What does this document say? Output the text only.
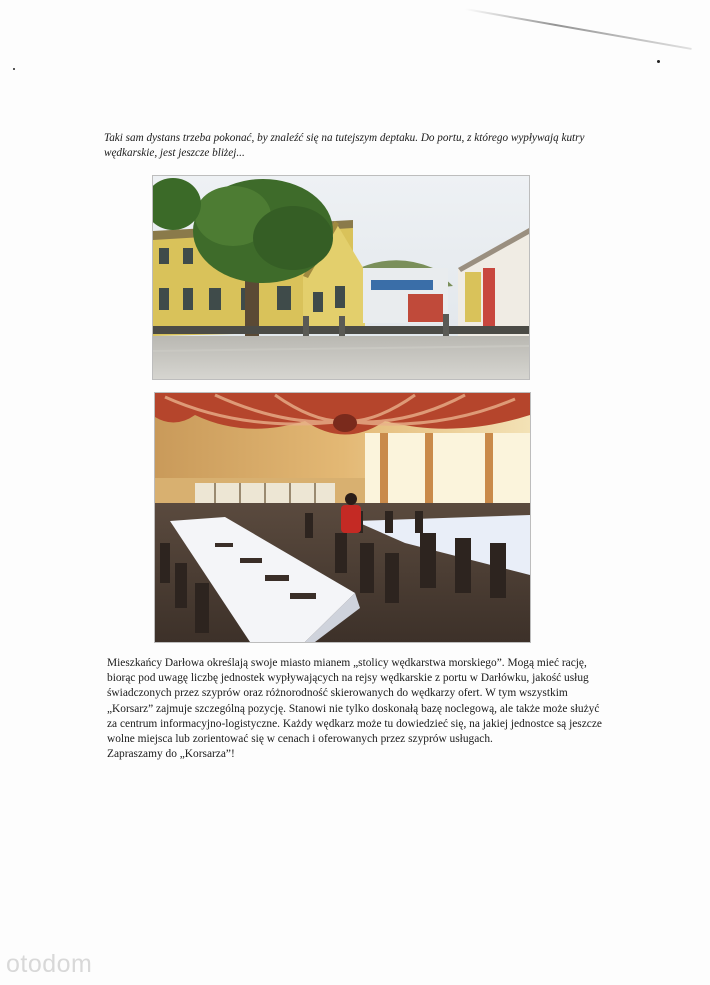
Taki sam dystans trzeba pokonać, by znaleźć się na tutejszym deptaku. Do portu, z którego wypływają kutry wędkarskie, jest jeszcze bliżej...

Mieszkańcy Darłowa określają swoje miasto mianem „stolicy wędkarstwa morskiego”. Mogą mieć rację, biorąc pod uwagę liczbę jednostek wypływających na rejsy wędkarskie z portu w Darłówku, jakość usług świadczonych przez szyprów oraz różnorodność skierowanych do wędkarzy ofert. W tym wszystkim „Korsarz” zajmuje szczególną pozycję. Stanowi nie tylko doskonałą bazę noclegową, ale także może służyć za centrum informacyjno-logistyczne. Każdy wędkarz może tu dowiedzieć się, na jakiej jednostce są jeszcze wolne miejsca lub zorientować się w cenach i oferowanych przez szyprów usługach.

Zapraszamy do „Korsarza”!

otodom
